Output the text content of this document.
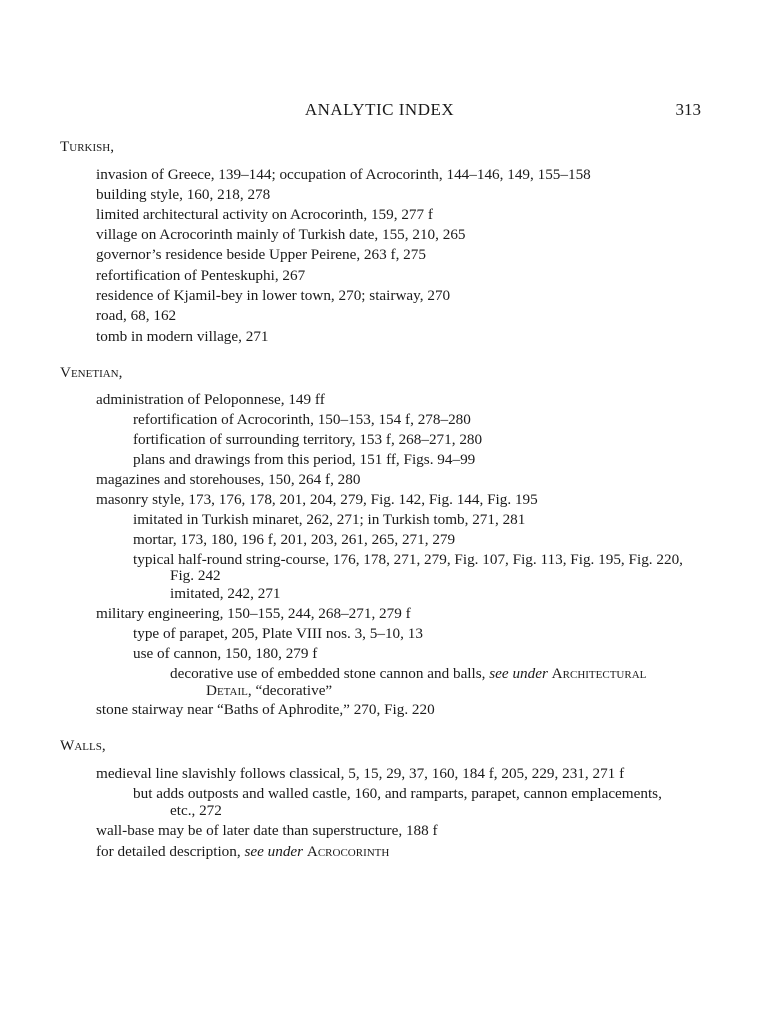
ANALYTIC INDEX	313
Turkish,
invasion of Greece, 139–144; occupation of Acrocorinth, 144–146, 149, 155–158
building style, 160, 218, 278
limited architectural activity on Acrocorinth, 159, 277 f
village on Acrocorinth mainly of Turkish date, 155, 210, 265
governor’s residence beside Upper Peirene, 263 f, 275
refortification of Penteskuphi, 267
residence of Kjamil-bey in lower town, 270; stairway, 270
road, 68, 162
tomb in modern village, 271
Venetian,
administration of Peloponnese, 149 ff
refortification of Acrocorinth, 150–153, 154 f, 278–280
fortification of surrounding territory, 153 f, 268–271, 280
plans and drawings from this period, 151 ff, Figs. 94–99
magazines and storehouses, 150, 264 f, 280
masonry style, 173, 176, 178, 201, 204, 279, Fig. 142, Fig. 144, Fig. 195
imitated in Turkish minaret, 262, 271; in Turkish tomb, 271, 281
mortar, 173, 180, 196 f, 201, 203, 261, 265, 271, 279
typical half-round string-course, 176, 178, 271, 279, Fig. 107, Fig. 113, Fig. 195, Fig. 220,
Fig. 242
imitated, 242, 271
military engineering, 150–155, 244, 268–271, 279 f
type of parapet, 205, Plate VIII nos. 3, 5–10, 13
use of cannon, 150, 180, 279 f
decorative use of embedded stone cannon and balls, see under Architectural
Detail, “decorative”
stone stairway near “Baths of Aphrodite,” 270, Fig. 220
Walls,
medieval line slavishly follows classical, 5, 15, 29, 37, 160, 184 f, 205, 229, 231, 271 f
but adds outposts and walled castle, 160, and ramparts, parapet, cannon emplacements,
etc., 272
wall-base may be of later date than superstructure, 188 f
for detailed description, see under Acrocorinth
